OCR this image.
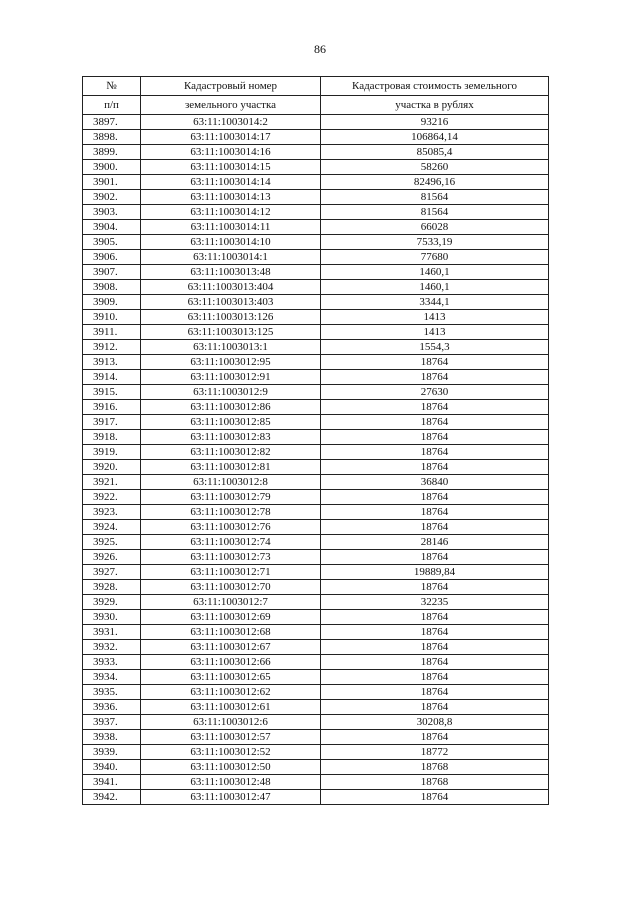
86
№	Кадастровый номер	Кадастровая стоимость земельного
п/п	земельного участка	участка в рублях
3897.	63:11:1003014:2	93216
3898.	63:11:1003014:17	106864,14
3899.	63:11:1003014:16	85085,4
3900.	63:11:1003014:15	58260
3901.	63:11:1003014:14	82496,16
3902.	63:11:1003014:13	81564
3903.	63:11:1003014:12	81564
3904.	63:11:1003014:11	66028
3905.	63:11:1003014:10	7533,19
3906.	63:11:1003014:1	77680
3907.	63:11:1003013:48	1460,1
3908.	63:11:1003013:404	1460,1
3909.	63:11:1003013:403	3344,1
3910.	63:11:1003013:126	1413
3911.	63:11:1003013:125	1413
3912.	63:11:1003013:1	1554,3
3913.	63:11:1003012:95	18764
3914.	63:11:1003012:91	18764
3915.	63:11:1003012:9	27630
3916.	63:11:1003012:86	18764
3917.	63:11:1003012:85	18764
3918.	63:11:1003012:83	18764
3919.	63:11:1003012:82	18764
3920.	63:11:1003012:81	18764
3921.	63:11:1003012:8	36840
3922.	63:11:1003012:79	18764
3923.	63:11:1003012:78	18764
3924.	63:11:1003012:76	18764
3925.	63:11:1003012:74	28146
3926.	63:11:1003012:73	18764
3927.	63:11:1003012:71	19889,84
3928.	63:11:1003012:70	18764
3929.	63:11:1003012:7	32235
3930.	63:11:1003012:69	18764
3931.	63:11:1003012:68	18764
3932.	63:11:1003012:67	18764
3933.	63:11:1003012:66	18764
3934.	63:11:1003012:65	18764
3935.	63:11:1003012:62	18764
3936.	63:11:1003012:61	18764
3937.	63:11:1003012:6	30208,8
3938.	63:11:1003012:57	18764
3939.	63:11:1003012:52	18772
3940.	63:11:1003012:50	18768
3941.	63:11:1003012:48	18768
3942.	63:11:1003012:47	18764
